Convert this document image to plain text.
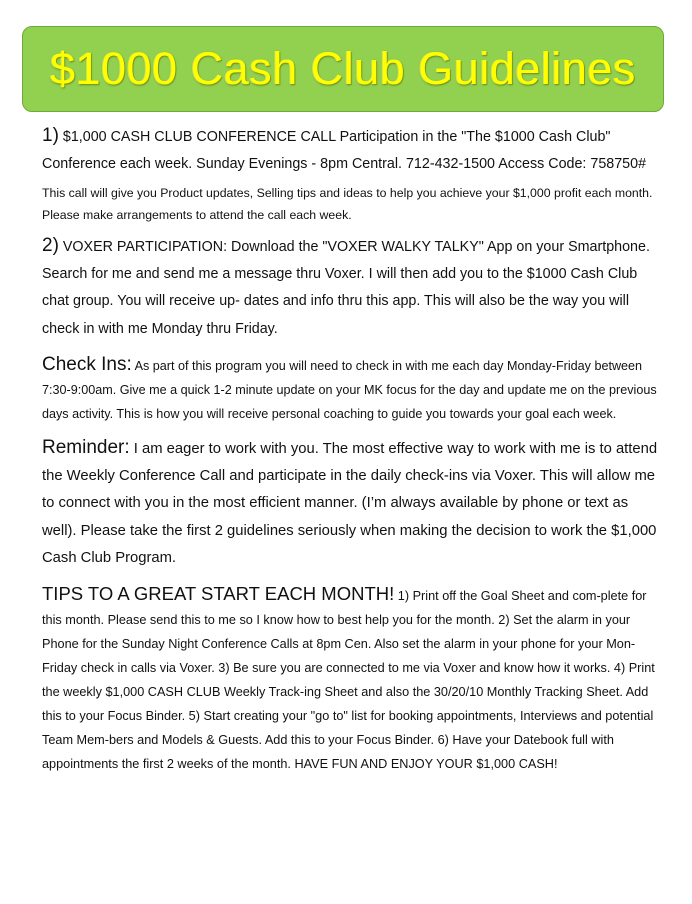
$1000 Cash Club Guidelines

1) $1,000 CASH CLUB CONFERENCE CALL Participation in the "The $1000 Cash Club" Conference each week. Sunday Evenings - 8pm Central. 712-432-1500 Access Code: 758750#

This call will give you Product updates, Selling tips and ideas to help you achieve your $1,000 profit each month. Please make arrangements to attend the call each week.

2) VOXER PARTICIPATION: Download the "VOXER WALKY TALKY" App on your Smartphone. Search for me and send me a message thru Voxer. I will then add you to the $1000 Cash Club chat group. You will receive up- dates and info thru this app. This will also be the way you will check in with me Monday thru Friday.

Check Ins: As part of this program you will need to check in with me each day Monday-Friday between 7:30-9:00am. Give me a quick 1-2 minute update on your MK focus for the day and update me on the previous days activity. This is how you will receive personal coaching to guide you towards your goal each week.

Reminder: I am eager to work with you. The most effective way to work with me is to attend the Weekly Conference Call and participate in the daily check-ins via Voxer. This will allow me to connect with you in the most efficient manner. (I’m always available by phone or text as well). Please take the first 2 guidelines seriously when making the decision to work the $1,000 Cash Club Program.

TIPS TO A GREAT START EACH MONTH! 1) Print off the Goal Sheet and com-plete for this month. Please send this to me so I know how to best help you for the month. 2) Set the alarm in your Phone for the Sunday Night Conference Calls at 8pm Cen. Also set the alarm in your phone for your Mon-Friday check in calls via Voxer. 3) Be sure you are connected to me via Voxer and know how it works. 4) Print the weekly $1,000 CASH CLUB Weekly Track-ing Sheet and also the 30/20/10 Monthly Tracking Sheet. Add this to your Focus Binder. 5) Start creating your "go to" list for booking appointments, Interviews and potential Team Mem-bers and Models & Guests. Add this to your Focus Binder. 6) Have your Datebook full with appointments the first 2 weeks of the month. HAVE FUN AND ENJOY YOUR $1,000 CASH!
